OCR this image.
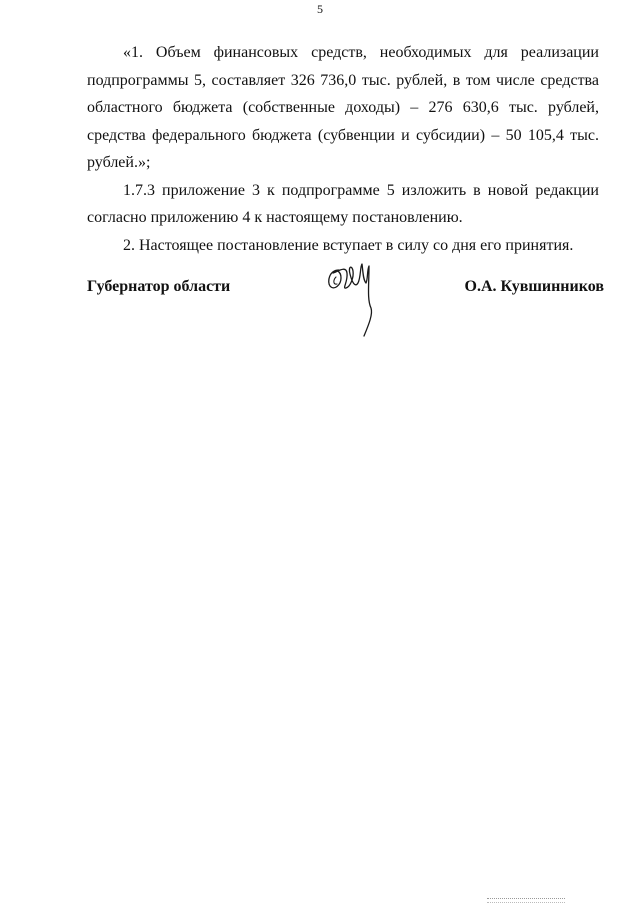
5

«1. Объем финансовых средств, необходимых для реализации подпрограммы 5, составляет 326 736,0 тыс. рублей, в том числе средства областного бюджета (собственные доходы) – 276 630,6 тыс. рублей, средства федерального бюджета (субвенции и субсидии) – 50 105,4 тыс. рублей.»;

1.7.3 приложение 3 к подпрограмме 5 изложить в новой редакции согласно приложению 4 к настоящему постановлению.

2. Настоящее постановление вступает в силу со дня его принятия.

Губернатор области	О.А. Кувшинников
